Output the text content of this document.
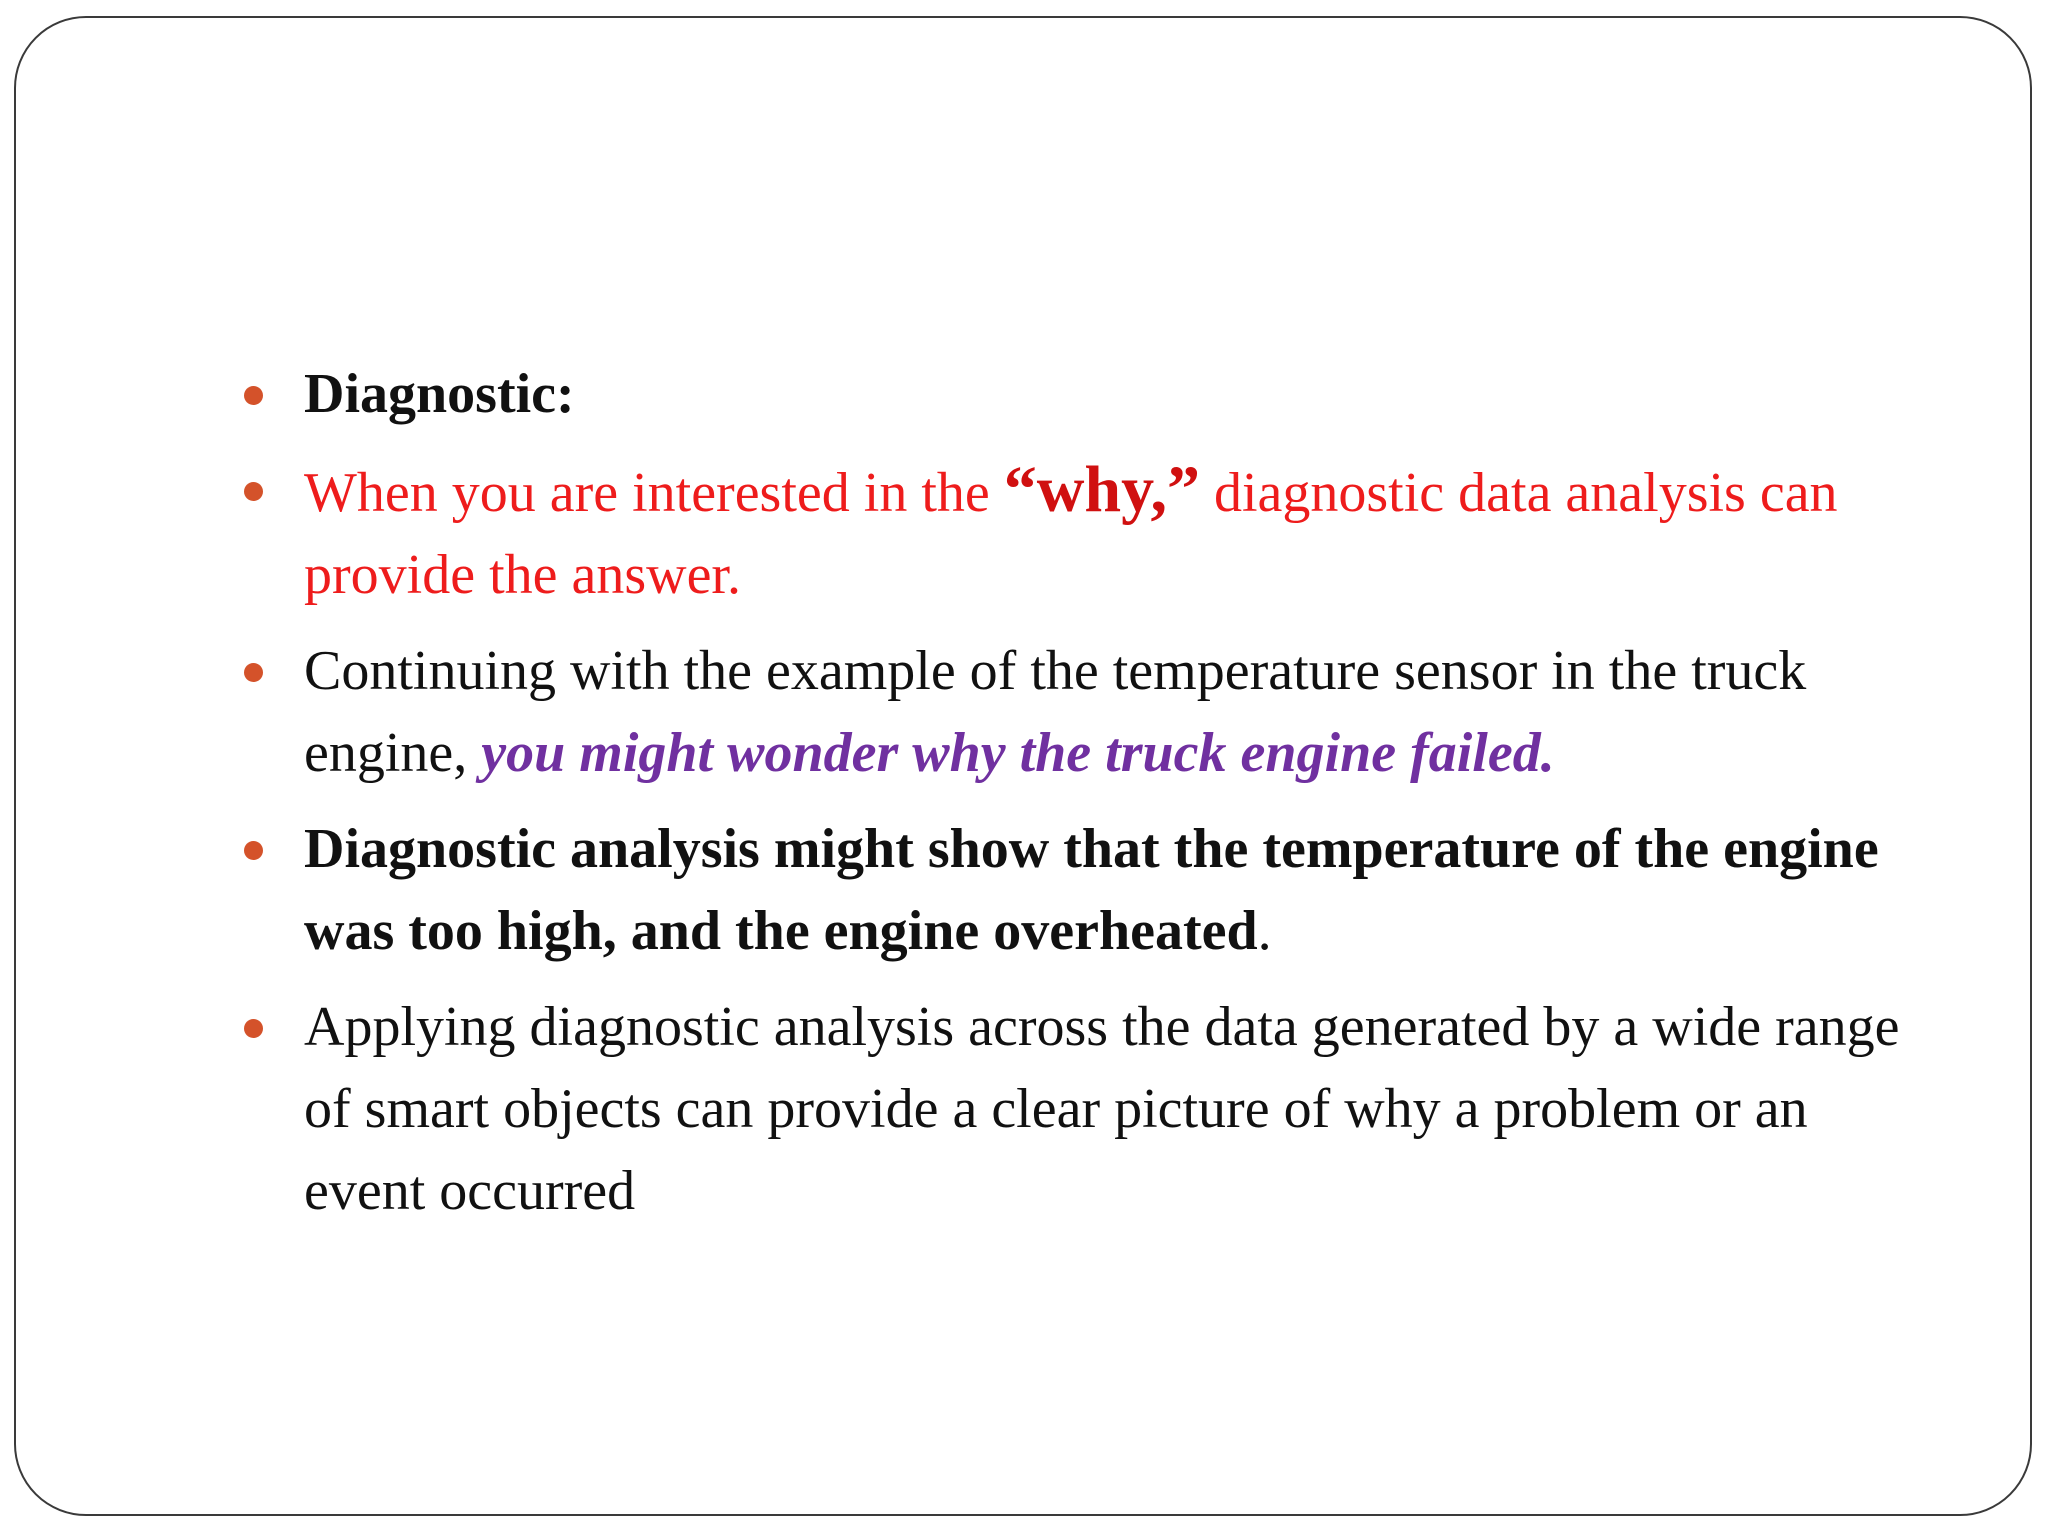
Diagnostic:
When you are interested in the “why,” diagnostic data analysis can provide the answer.
Continuing with the example of the temperature sensor in the truck engine, you might wonder why the truck engine failed.
Diagnostic analysis might show that the temperature of the engine was too high, and the engine overheated.
Applying diagnostic analysis across the data generated by a wide range of smart objects can provide a clear picture of why a problem or an event occurred
